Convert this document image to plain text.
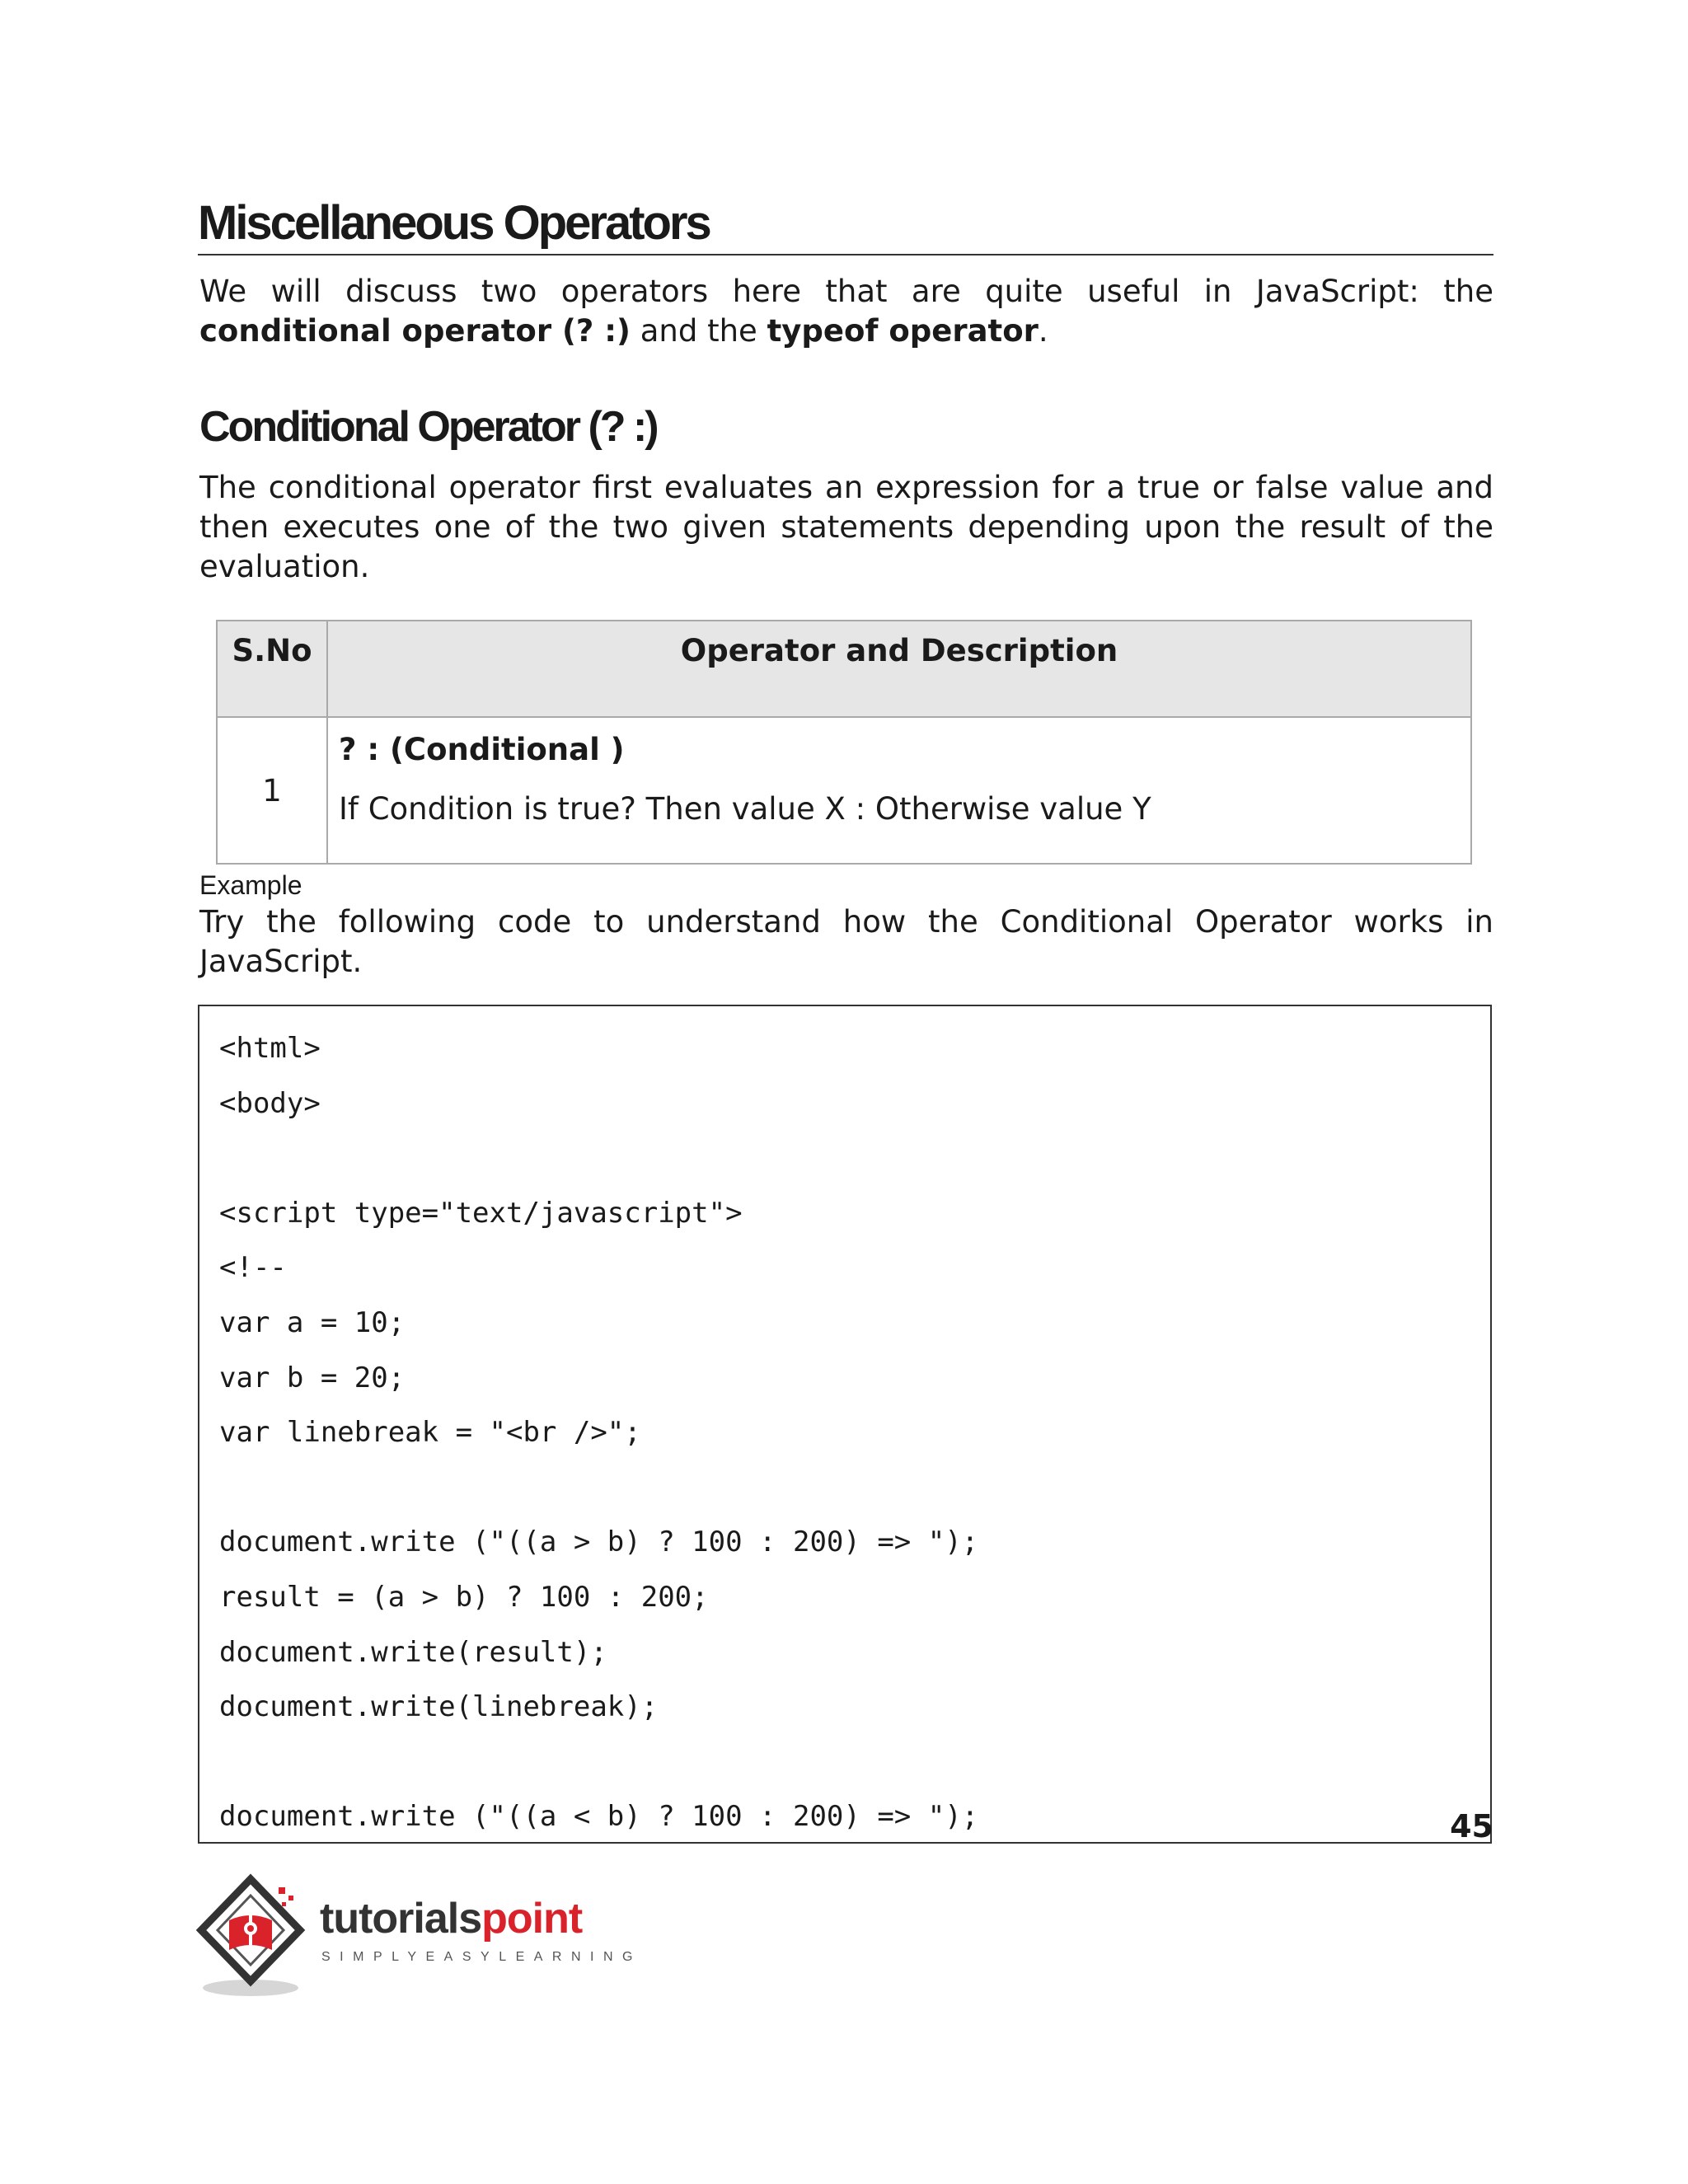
Miscellaneous Operators

We will discuss two operators here that are quite useful in JavaScript: the conditional operator (? :) and the typeof operator.

Conditional Operator (? :)

The conditional operator first evaluates an expression for a true or false value and then executes one of the two given statements depending upon the result of the evaluation.

S.No	Operator and Description
1	? : (Conditional )
If Condition is true? Then value X : Otherwise value Y
Example

Try the following code to understand how the Conditional Operator works in JavaScript.

<html>
<body>
<script type="text/javascript">
<!--
var a = 10;
var b = 20;
var linebreak = "<br />";
document.write ("((a > b) ? 100 : 200) => ");
result = (a > b) ? 100 : 200;
document.write(result);
document.write(linebreak);
document.write ("((a < b) ? 100 : 200) => ");	45
tutorialspoint
SIMPLYEASYLEARNING
